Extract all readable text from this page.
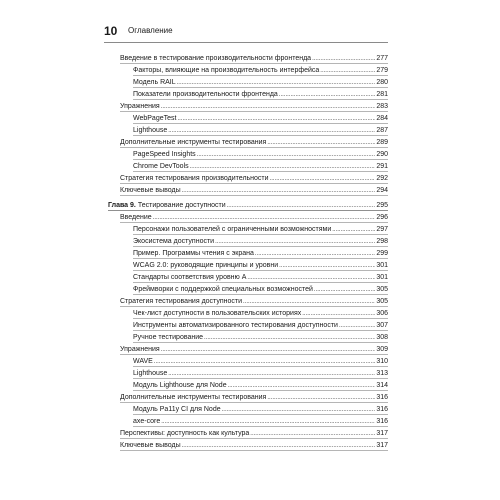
10 Оглавление
Введение в тестирование производительности фронтенда .....	277
Факторы, влияющие на производительность интерфейса .....	279
Модель RAIL .....	280
Показатели производительности фронтенда .....	281
Упражнения .....	283
WebPageTest .....	284
Lighthouse .....	287
Дополнительные инструменты тестирования .....	289
PageSpeed Insights .....	290
Chrome DevTools .....	291
Стратегия тестирования производительности .....	292
Ключевые выводы .....	294
Глава 9. Тестирование доступности .....	295
Введение .....	296
Персонажи пользователей с ограниченными возможностями .....	297
Экосистема доступности .....	298
Пример. Программы чтения с экрана .....	299
WCAG 2.0: руководящие принципы и уровни .....	301
Стандарты соответствия уровню A .....	301
Фреймворки с поддержкой специальных возможностей .....	305
Стратегия тестирования доступности .....	305
Чек-лист доступности в пользовательских историях .....	306
Инструменты автоматизированного тестирования доступности .....	307
Ручное тестирование .....	308
Упражнения .....	309
WAVE .....	310
Lighthouse .....	313
Модуль Lighthouse для Node .....	314
Дополнительные инструменты тестирования .....	316
Модуль Pa11y CI для Node .....	316
axe-core .....	316
Перспективы: доступность как культура .....	317
Ключевые выводы .....	317
